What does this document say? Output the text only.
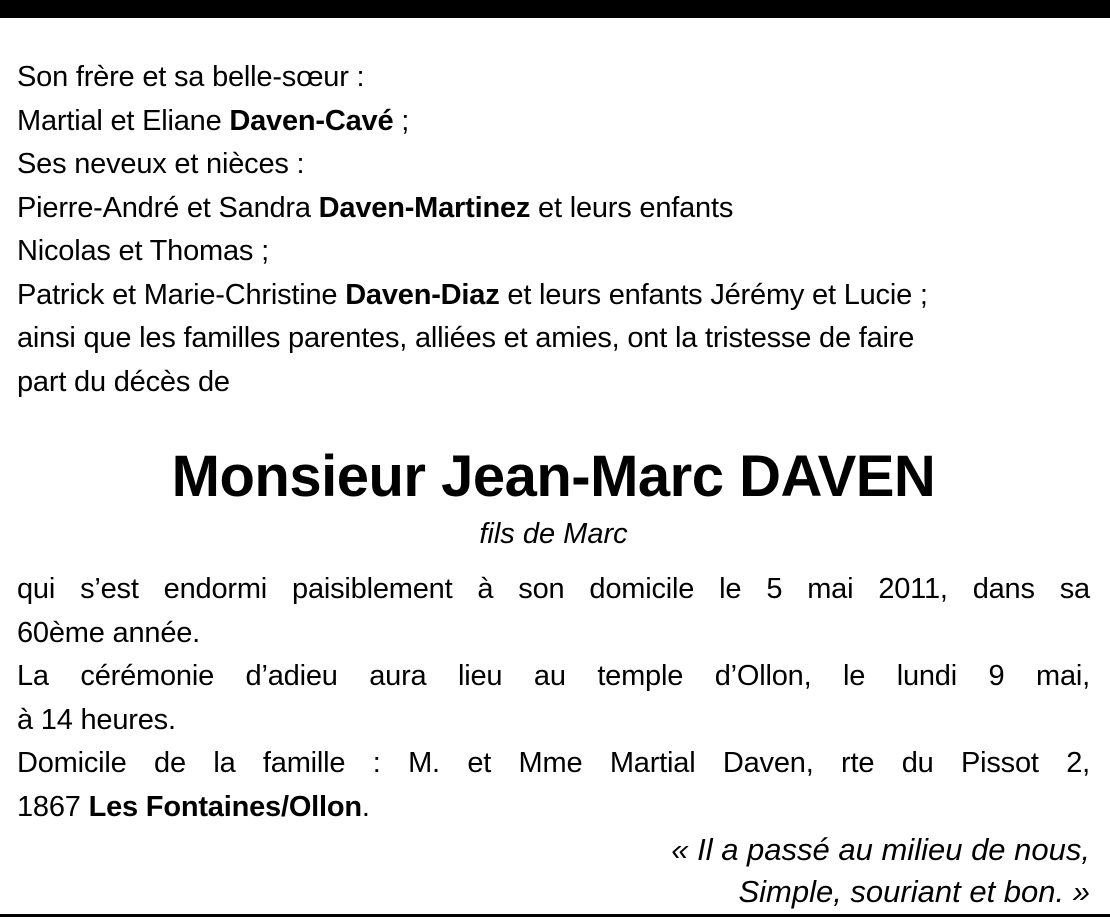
Son frère et sa belle-sœur :
Martial et Eliane Daven-Cavé ;
Ses neveux et nièces :
Pierre-André et Sandra Daven-Martinez et leurs enfants
Nicolas et Thomas ;
Patrick et Marie-Christine Daven-Diaz et leurs enfants Jérémy et Lucie ;
ainsi que les familles parentes, alliées et amies, ont la tristesse de faire
part du décès de
Monsieur Jean-Marc DAVEN
fils de Marc
qui s’est endormi paisiblement à son domicile le 5 mai 2011, dans sa
60ème année.
La cérémonie d’adieu aura lieu au temple d’Ollon, le lundi 9 mai,
à 14 heures.
Domicile de la famille : M. et Mme Martial Daven, rte du Pissot 2,
1867 Les Fontaines/Ollon.
« Il a passé au milieu de nous,
Simple, souriant et bon. »
